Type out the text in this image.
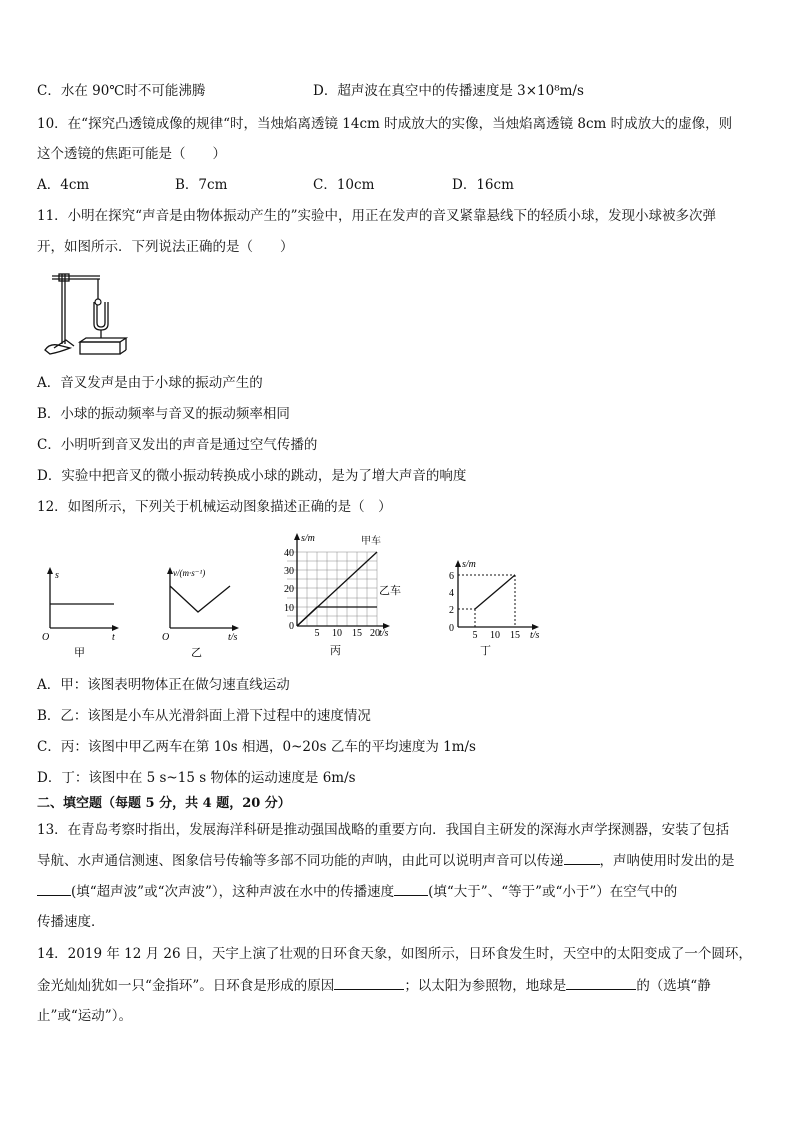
C．水在 90℃时不可能沸腾	D．超声波在真空中的传播速度是 3×10⁸m/s
10．在“探究凸透镜成像的规律“时，当烛焰离透镜 14cm 时成放大的实像，当烛焰离透镜 8cm 时成放大的虚像，则
这个透镜的焦距可能是（　　）
A．4cm	B．7cm	C．10cm	D．16cm
11．小明在探究“声音是由物体振动产生的”实验中，用正在发声的音叉紧靠悬线下的轻质小球，发现小球被多次弹
开，如图所示．下列说法正确的是（　　）
A．音叉发声是由于小球的振动产生的
B．小球的振动频率与音叉的振动频率相同
C．小明听到音叉发出的声音是通过空气传播的
D．实验中把音叉的微小振动转换成小球的跳动，是为了增大声音的响度
12．如图所示，下列关于机械运动图象描述正确的是（　）
s
t
O
甲
v/(m·s⁻¹)
t/s
O
乙
s/m
t/s
甲车
乙车
40
30
20
10
0
5 10 15 20
丙
s/m
t/s
6
4
2
0
5 10 15
丁
A．甲：该图表明物体正在做匀速直线运动
B．乙：该图是小车从光滑斜面上滑下过程中的速度情况
C．丙：该图中甲乙两车在第 10s 相遇，0~20s 乙车的平均速度为 1m/s
D．丁：该图中在 5 s~15 s 物体的运动速度是 6m/s
二、填空题（每题 5 分，共 4 题，20 分）
13．在青岛考察时指出，发展海洋科研是推动强国战略的重要方向．我国自主研发的深海水声学探测器，安装了包括
导航、水声通信测速、图象信号传输等多部不同功能的声呐，由此可以说明声音可以传递	，声呐使用时发出的是
(填“超声波”或“次声波”），这种声波在水中的传播速度	(填“大于”、“等于”或“小于”）在空气中的
传播速度．
14．2019 年 12 月 26 日，天宇上演了壮观的日环食天象，如图所示，日环食发生时，天空中的太阳变成了一个圆环，
金光灿灿犹如一只“金指环”。日环食是形成的原因	；以太阳为参照物，地球是	的（选填“静
止”或“运动”）。
